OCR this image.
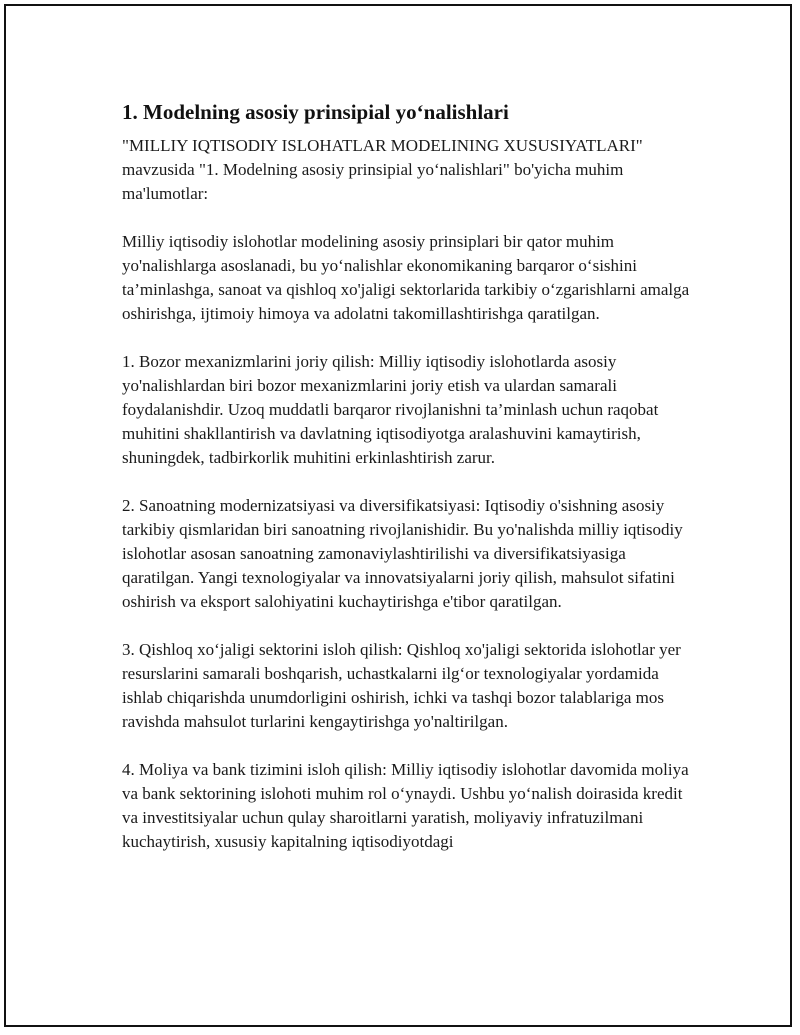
1. Modelning asosiy prinsipial yo‘nalishlari

"MILLIY IQTISODIY ISLOHATLAR MODELINING XUSUSIYATLARI" mavzusida "1. Modelning asosiy prinsipial yo‘nalishlari" bo'yicha muhim ma'lumotlar:

Milliy iqtisodiy islohotlar modelining asosiy prinsiplari bir qator muhim yo'nalishlarga asoslanadi, bu yo‘nalishlar ekonomikaning barqaror o‘sishini ta’minlashga, sanoat va qishloq xo'jaligi sektorlarida tarkibiy o‘zgarishlarni amalga oshirishga, ijtimoiy himoya va adolatni takomillashtirishga qaratilgan.

1. Bozor mexanizmlarini joriy qilish: Milliy iqtisodiy islohotlarda asosiy yo'nalishlardan biri bozor mexanizmlarini joriy etish va ulardan samarali foydalanishdir. Uzoq muddatli barqaror rivojlanishni ta’minlash uchun raqobat muhitini shakllantirish va davlatning iqtisodiyotga aralashuvini kamaytirish, shuningdek, tadbirkorlik muhitini erkinlashtirish zarur.

2. Sanoatning modernizatsiyasi va diversifikatsiyasi: Iqtisodiy o'sishning asosiy tarkibiy qismlaridan biri sanoatning rivojlanishidir. Bu yo'nalishda milliy iqtisodiy islohotlar asosan sanoatning zamonaviylashtirilishi va diversifikatsiyasiga qaratilgan. Yangi texnologiyalar va innovatsiyalarni joriy qilish, mahsulot sifatini oshirish va eksport salohiyatini kuchaytirishga e'tibor qaratilgan.

3. Qishloq xo‘jaligi sektorini isloh qilish: Qishloq xo'jaligi sektorida islohotlar yer resurslarini samarali boshqarish, uchastkalarni ilg‘or texnologiyalar yordamida ishlab chiqarishda unumdorligini oshirish, ichki va tashqi bozor talablariga mos ravishda mahsulot turlarini kengaytirishga yo'naltirilgan.

4. Moliya va bank tizimini isloh qilish: Milliy iqtisodiy islohotlar davomida moliya va bank sektorining islohoti muhim rol o‘ynaydi. Ushbu yo‘nalish doirasida kredit va investitsiyalar uchun qulay sharoitlarni yaratish, moliyaviy infratuzilmani kuchaytirish, xususiy kapitalning iqtisodiyotdagi
